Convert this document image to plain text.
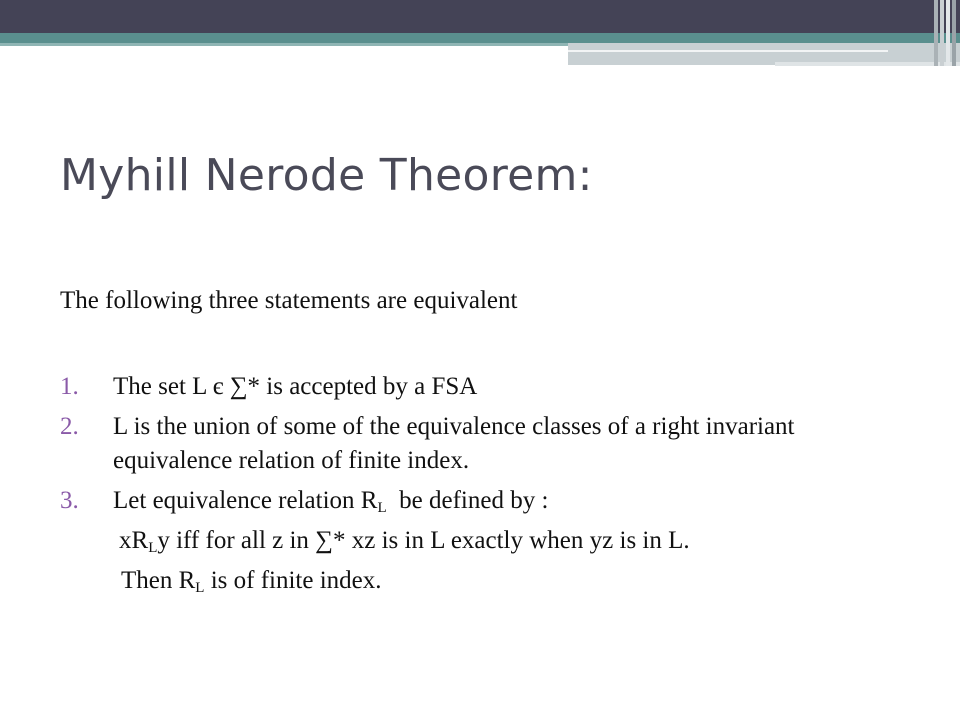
Myhill Nerode Theorem:

The following three statements are equivalent

1. The set L є ∑* is accepted by a FSA
2. L is the union of some of the equivalence classes of a right invariant equivalence relation of finite index.
3. Let equivalence relation $R_L$  be defined by :
$xR_Ly$ iff for all z in ∑* xz is in L exactly when yz is in L.
Then $R_L$ is of finite index.
